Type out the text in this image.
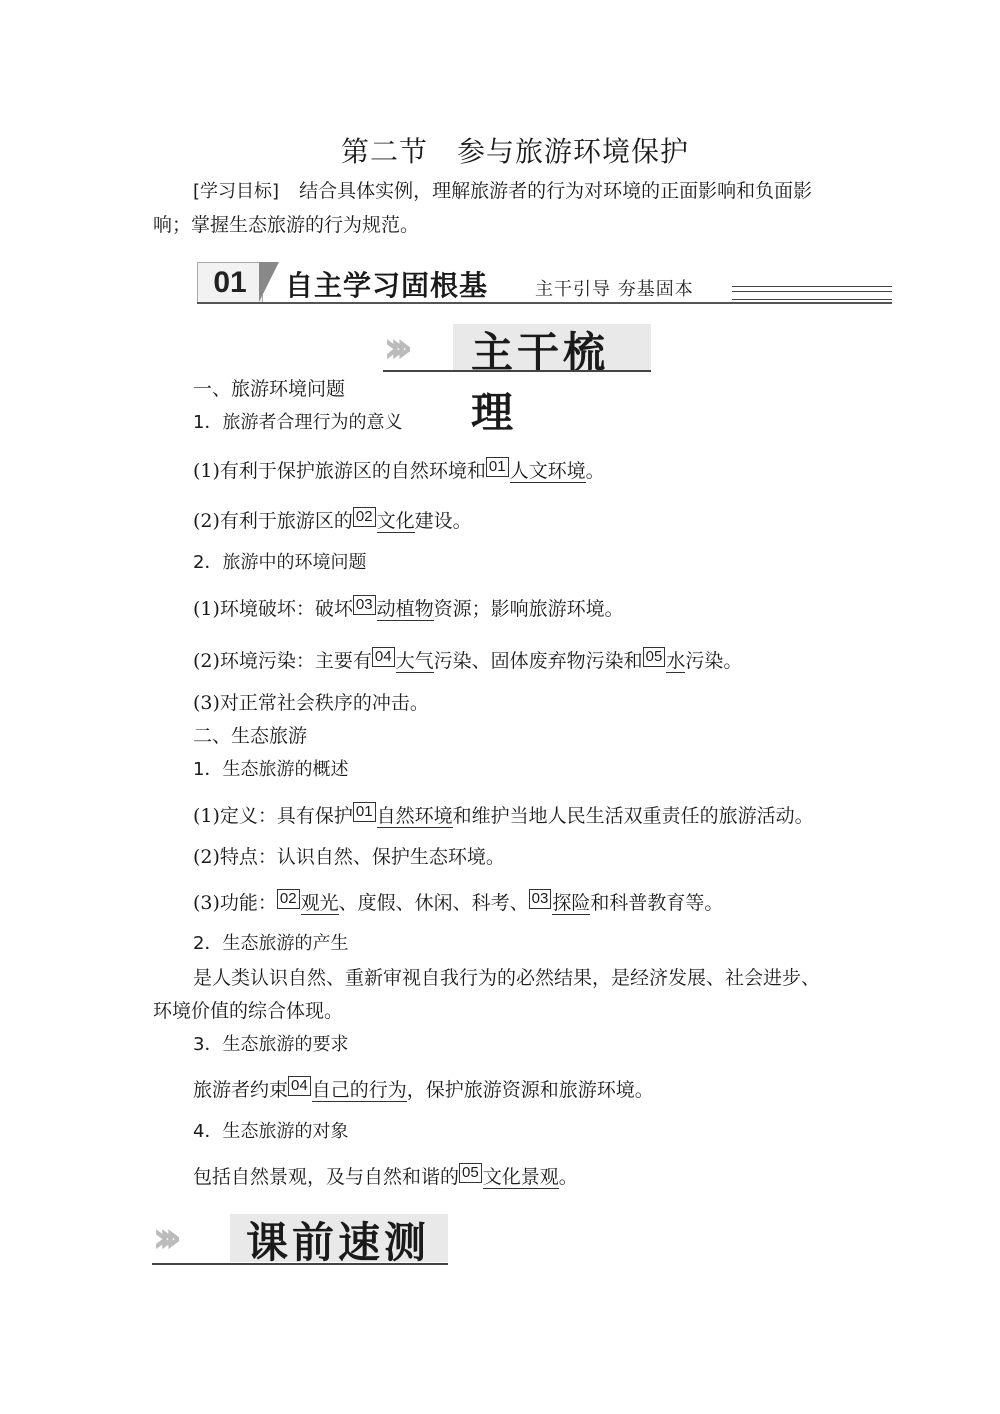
第二节　参与旅游环境保护
[学习目标] 结合具体实例，理解旅游者的行为对环境的正面影响和负面影
响；掌握生态旅游的行为规范。
01	自主学习固根基	主干引导 夯基固本
››› 主干梳理
一、旅游环境问题
1．旅游者合理行为的意义
(1)有利于保护旅游区的自然环境和 01 人文环境。
(2)有利于旅游区的 02 文化建设。
2．旅游中的环境问题
(1)环境破坏：破坏 03 动植物资源；影响旅游环境。
(2)环境污染：主要有 04 大气污染、固体废弃物污染和 05 水污染。
(3)对正常社会秩序的冲击。
二、生态旅游
1．生态旅游的概述
(1)定义：具有保护 01 自然环境和维护当地人民生活双重责任的旅游活动。
(2)特点：认识自然、保护生态环境。
(3)功能： 02 观光、度假、休闲、科考、 03 探险和科普教育等。
2．生态旅游的产生
是人类认识自然、重新审视自我行为的必然结果，是经济发展、社会进步、
环境价值的综合体现。
3．生态旅游的要求
旅游者约束 04 自己的行为，保护旅游资源和旅游环境。
4．生态旅游的对象
包括自然景观，及与自然和谐的 05 文化景观。
››› 课前速测
